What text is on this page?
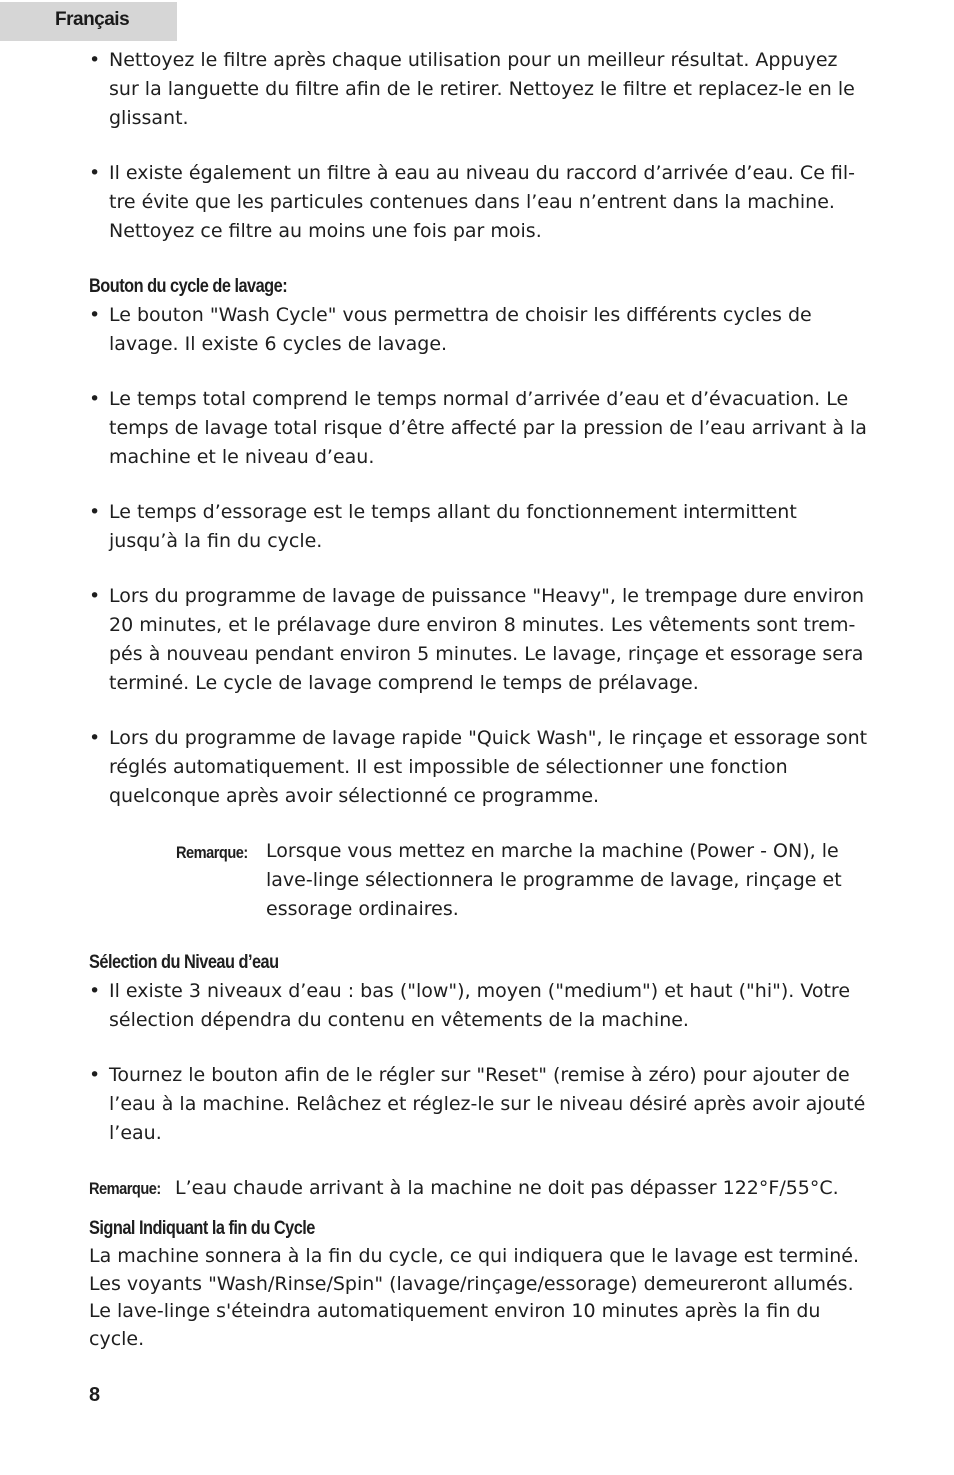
Français
• Nettoyez le filtre après chaque utilisation pour un meilleur résultat. Appuyez sur la languette du filtre afin de le retirer. Nettoyez le filtre et replacez-le en le glissant.
• Il existe également un filtre à eau au niveau du raccord d’arrivée d’eau. Ce fil-tre évite que les particules contenues dans l’eau n’entrent dans la machine. Nettoyez ce filtre au moins une fois par mois.
Bouton du cycle de lavage:
• Le bouton "Wash Cycle" vous permettra de choisir les différents cycles de lavage. Il existe 6 cycles de lavage.
• Le temps total comprend le temps normal d’arrivée d’eau et d’évacuation. Le temps de lavage total risque d’être affecté par la pression de l’eau arrivant à la machine et le niveau d’eau.
• Le temps d’essorage est le temps allant du fonctionnement intermittent jusqu’à la fin du cycle.
• Lors du programme de lavage de puissance "Heavy", le trempage dure environ 20 minutes, et le prélavage dure environ 8 minutes. Les vêtements sont trem-pés à nouveau pendant environ 5 minutes. Le lavage, rinçage et essorage sera terminé. Le cycle de lavage comprend le temps de prélavage.
• Lors du programme de lavage rapide "Quick Wash", le rinçage et essorage sont réglés automatiquement. Il est impossible de sélectionner une fonction quelconque après avoir sélectionné ce programme.
Remarque: Lorsque vous mettez en marche la machine (Power - ON), le lave-linge sélectionnera le programme de lavage, rinçage et essorage ordinaires.
Sélection du Niveau d’eau
• Il existe 3 niveaux d’eau : bas ("low"), moyen ("medium") et haut ("hi"). Votre sélection dépendra du contenu en vêtements de la machine.
• Tournez le bouton afin de le régler sur "Reset" (remise à zéro) pour ajouter de l’eau à la machine. Relâchez et réglez-le sur le niveau désiré après avoir ajouté l’eau.
Remarque: L’eau chaude arrivant à la machine ne doit pas dépasser 122°F/55°C.
Signal Indiquant la fin du Cycle
La machine sonnera à la fin du cycle, ce qui indiquera que le lavage est terminé. Les voyants "Wash/Rinse/Spin" (lavage/rinçage/essorage) demeureront allumés. Le lave-linge s'éteindra automatiquement environ 10 minutes après la fin du cycle.
8
